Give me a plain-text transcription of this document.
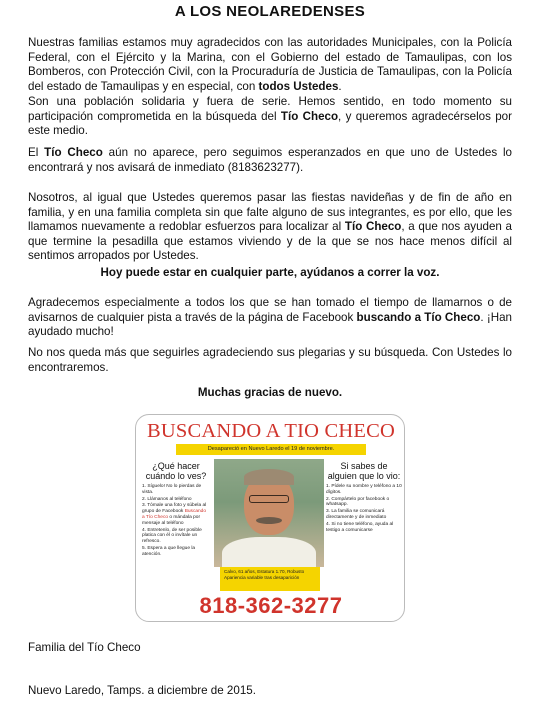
A LOS NEOLAREDENSES
Nuestras familias estamos muy agradecidos con las autoridades Municipales, con la Policía Federal, con el Ejército y la Marina, con el Gobierno del estado de Tamaulipas, con los Bomberos, con Protección Civil, con la Procuraduría de Justicia de Tamaulipas, con la Policía del estado de Tamaulipas y en especial, con todos Ustedes.
Son una población solidaria y fuera de serie. Hemos sentido, en todo momento su participación comprometida en la búsqueda del Tío Checo, y queremos agradecérselos por este medio.
El Tío Checo aún no aparece, pero seguimos esperanzados en que uno de Ustedes lo encontrará y nos avisará de inmediato (8183623277).
Nosotros, al igual que Ustedes queremos pasar las fiestas navideñas y de fin de año en familia, y en una familia completa sin que falte alguno de sus integrantes, es por ello, que les llamamos nuevamente a redoblar esfuerzos para localizar al Tío Checo, a que nos ayuden a que termine la pesadilla que estamos viviendo y de la que se nos hace menos difícil al sentimos arropados por Ustedes.
Hoy puede estar en cualquier parte, ayúdanos a correr la voz.
Agradecemos especialmente a todos los que se han tomado el tiempo de llamarnos o de avisarnos de cualquier pista a través de la página de Facebook buscando a Tío Checo. ¡Han ayudado mucho!
No nos queda más que seguirles agradeciendo sus plegarias y su búsqueda. Con Ustedes lo encontraremos.
Muchas gracias de nuevo.
BUSCANDO A TIO CHECO
Desapareció en Nuevo Laredo el 19 de noviembre.
¿Qué hacer cuándo lo ves?
1. Síguelo! No lo pierdas de vista.
2. Llámanos al teléfono
3. Tómale una foto y súbela al grupo de Facebook Buscando a Tío Checo o mándala por mensaje al teléfono
4. Entretenlo, de ser posible platica con él o invítale un refresco.
5. Espera a que llegue la atención.
Calvo, 61 años, Estatura 1.70, Robusto Apariencia variable tras desaparición
Si sabes de alguien que lo vio:
1. Pídele su nombre y teléfono a 10 dígitos.
2. Compártelo por facebook o whatsapp.
3. La familia se comunicará directamente y de inmediato
4. Si no tiene teléfono, ayuda al testigo a comunicarse
818-362-3277
Familia del Tío Checo
Nuevo Laredo, Tamps. a diciembre de 2015.
